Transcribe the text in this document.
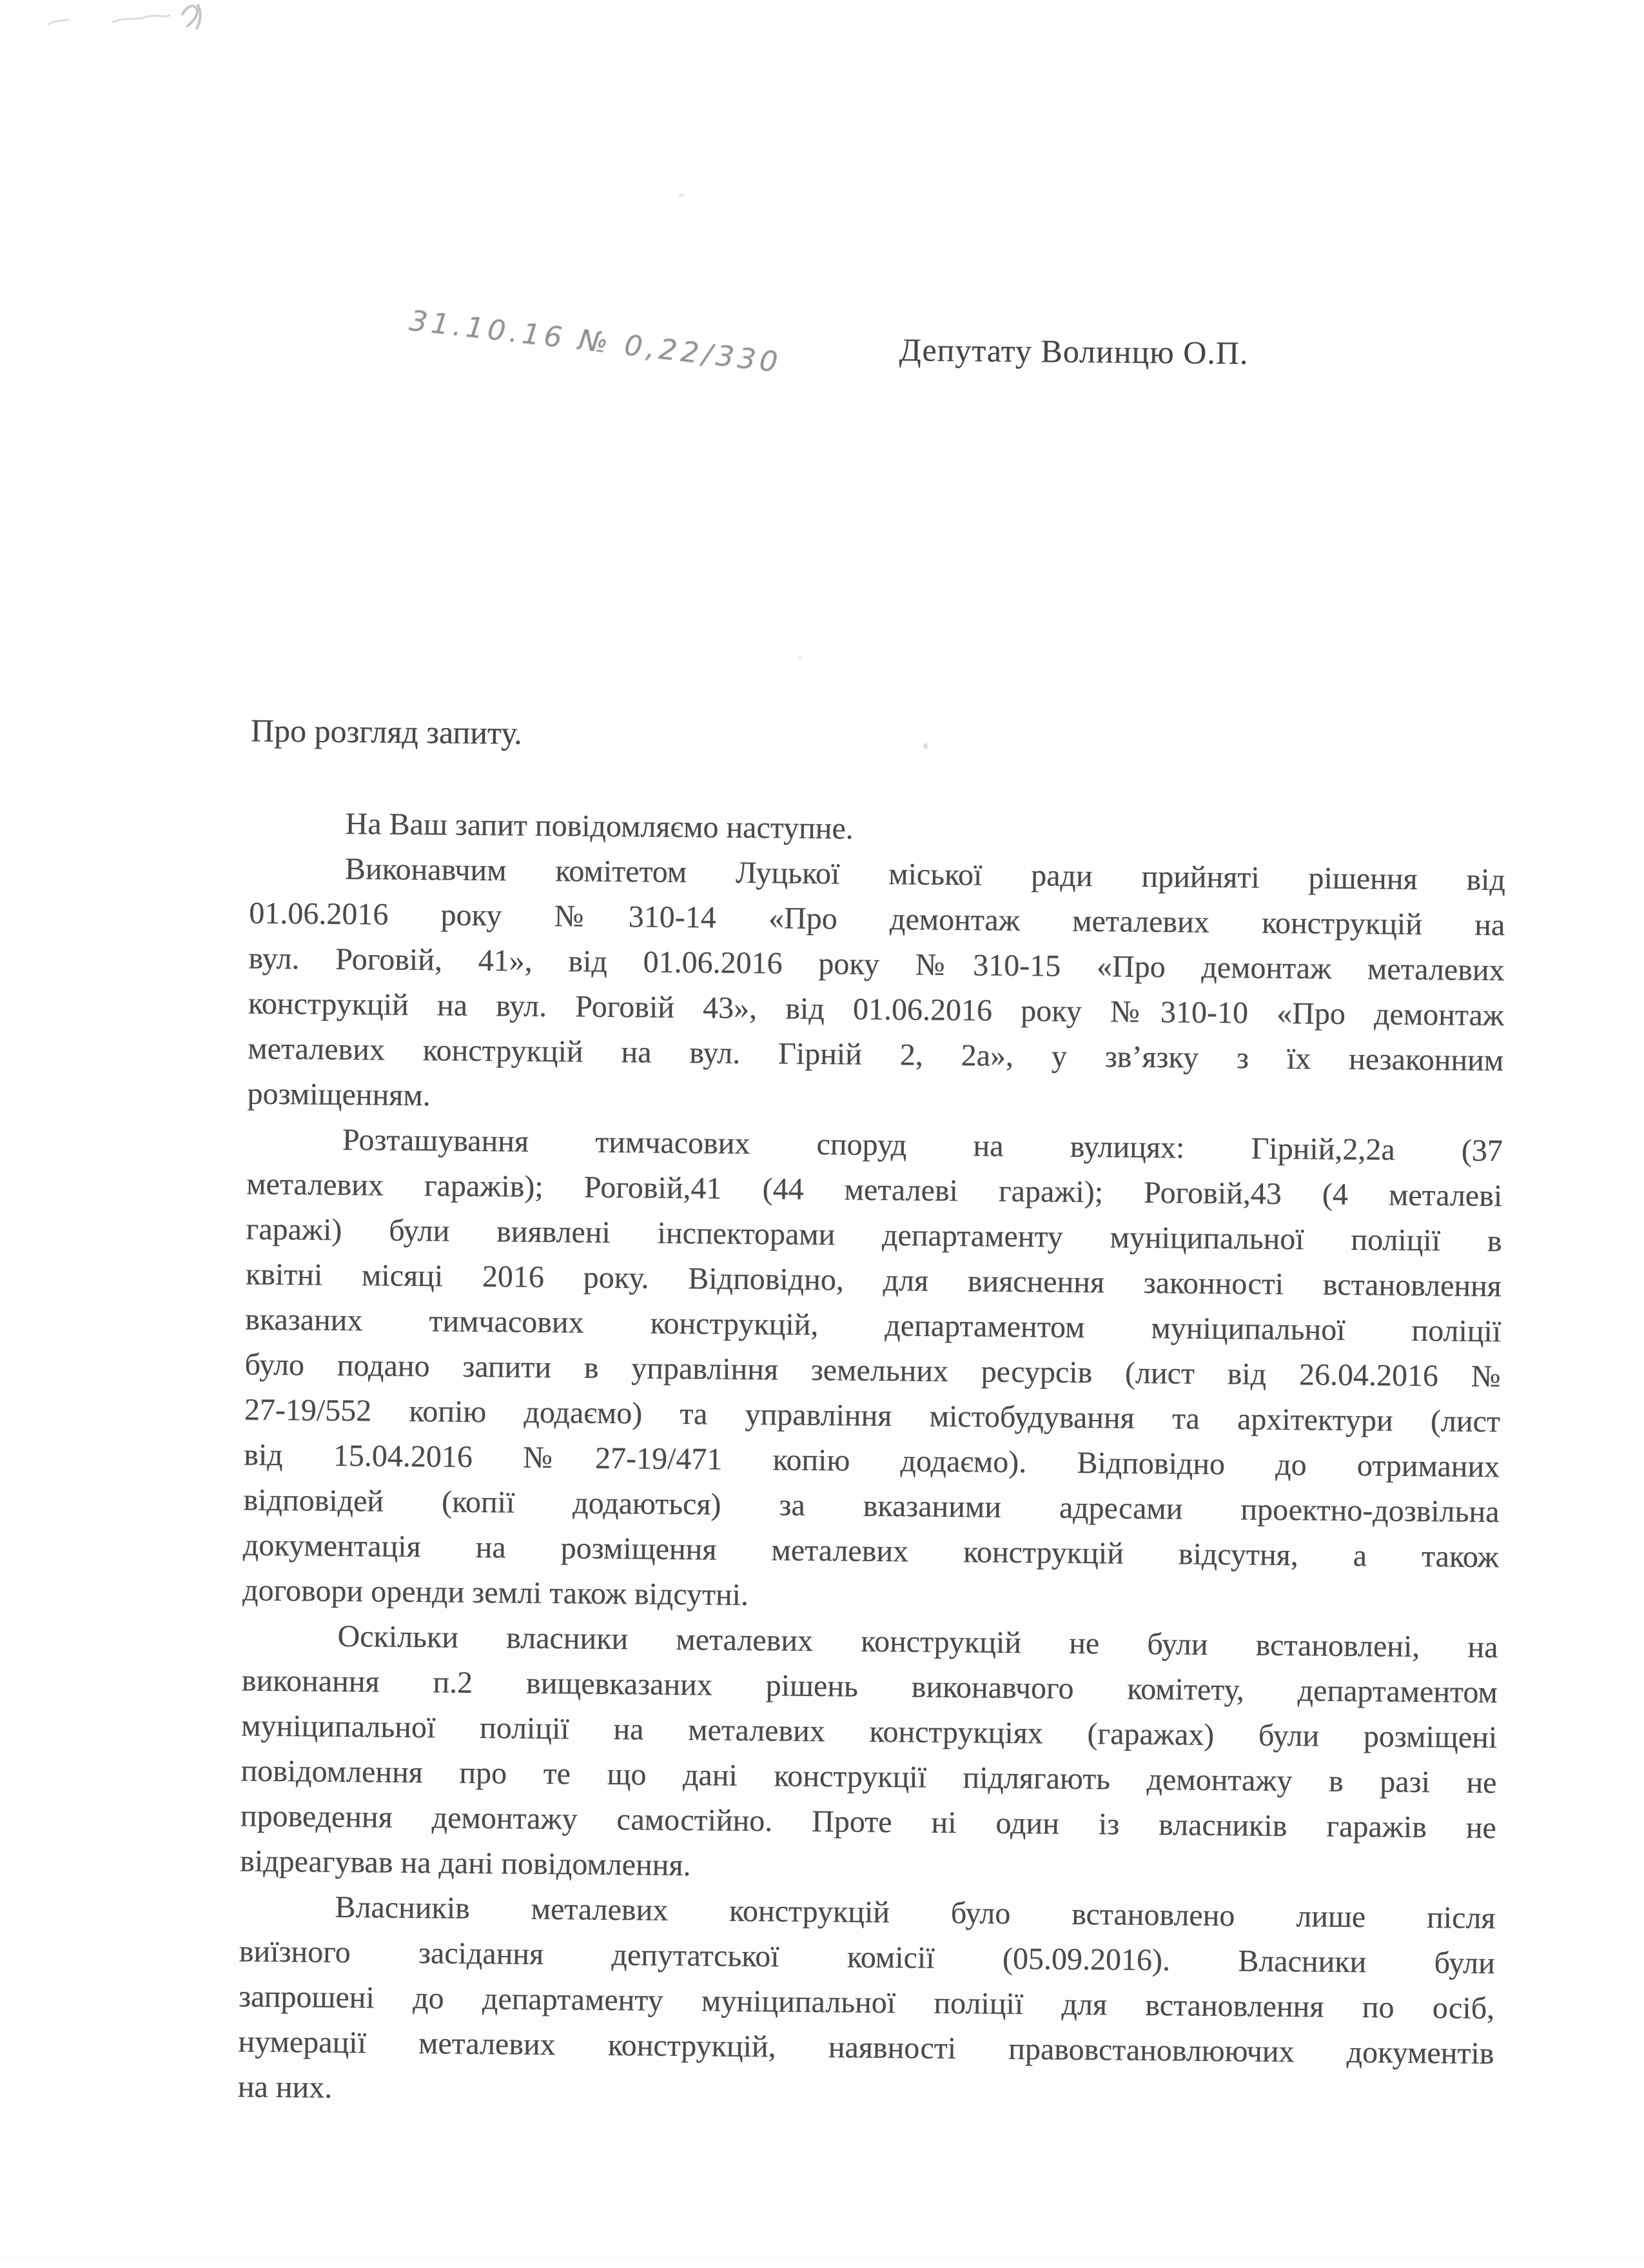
31.10.16 № 0,22/330	Депутату Волинцю О.П.
Про розгляд запиту.
На Ваш запит повідомляємо наступне.
Виконавчим комітетом Луцької міської ради прийняті рішення від
01.06.2016 року №310-14 «Про демонтаж металевих конструкцій на
вул. Роговій, 41», від 01.06.2016 року №310-15 «Про демонтаж металевих
конструкцій на вул. Роговій 43», від 01.06.2016 року №310-10 «Про демонтаж
металевих конструкцій на вул. Гірній 2, 2а», у зв’язку з їх незаконним
розміщенням.
Розташування тимчасових споруд на вулицях: Гірній,2,2а (37
металевих гаражів); Роговій,41 (44 металеві гаражі); Роговій,43 (4 металеві
гаражі) були виявлені інспекторами департаменту муніципальної поліції в
квітні місяці 2016 року. Відповідно, для вияснення законності встановлення
вказаних тимчасових конструкцій, департаментом муніципальної поліції
було подано запити в управління земельних ресурсів (лист від 26.04.2016 №
27-19/552 копію додаємо) та управління містобудування та архітектури (лист
від 15.04.2016 №27-19/471 копію додаємо). Відповідно до отриманих
відповідей (копії додаються) за вказаними адресами проектно-дозвільна
документація на розміщення металевих конструкцій відсутня, а також
договори оренди землі також відсутні.
Оскільки власники металевих конструкцій не були встановлені, на
виконання п.2 вищевказаних рішень виконавчого комітету, департаментом
муніципальної поліції на металевих конструкціях (гаражах) були розміщені
повідомлення про те що дані конструкції підлягають демонтажу в разі не
проведення демонтажу самостійно. Проте ні один із власників гаражів не
відреагував на дані повідомлення.
Власників металевих конструкцій було встановлено лише після
виїзного засідання депутатської комісії (05.09.2016). Власники були
запрошені до департаменту муніципальної поліції для встановлення по осіб,
нумерації металевих конструкцій, наявності правовстановлюючих документів
на них.
